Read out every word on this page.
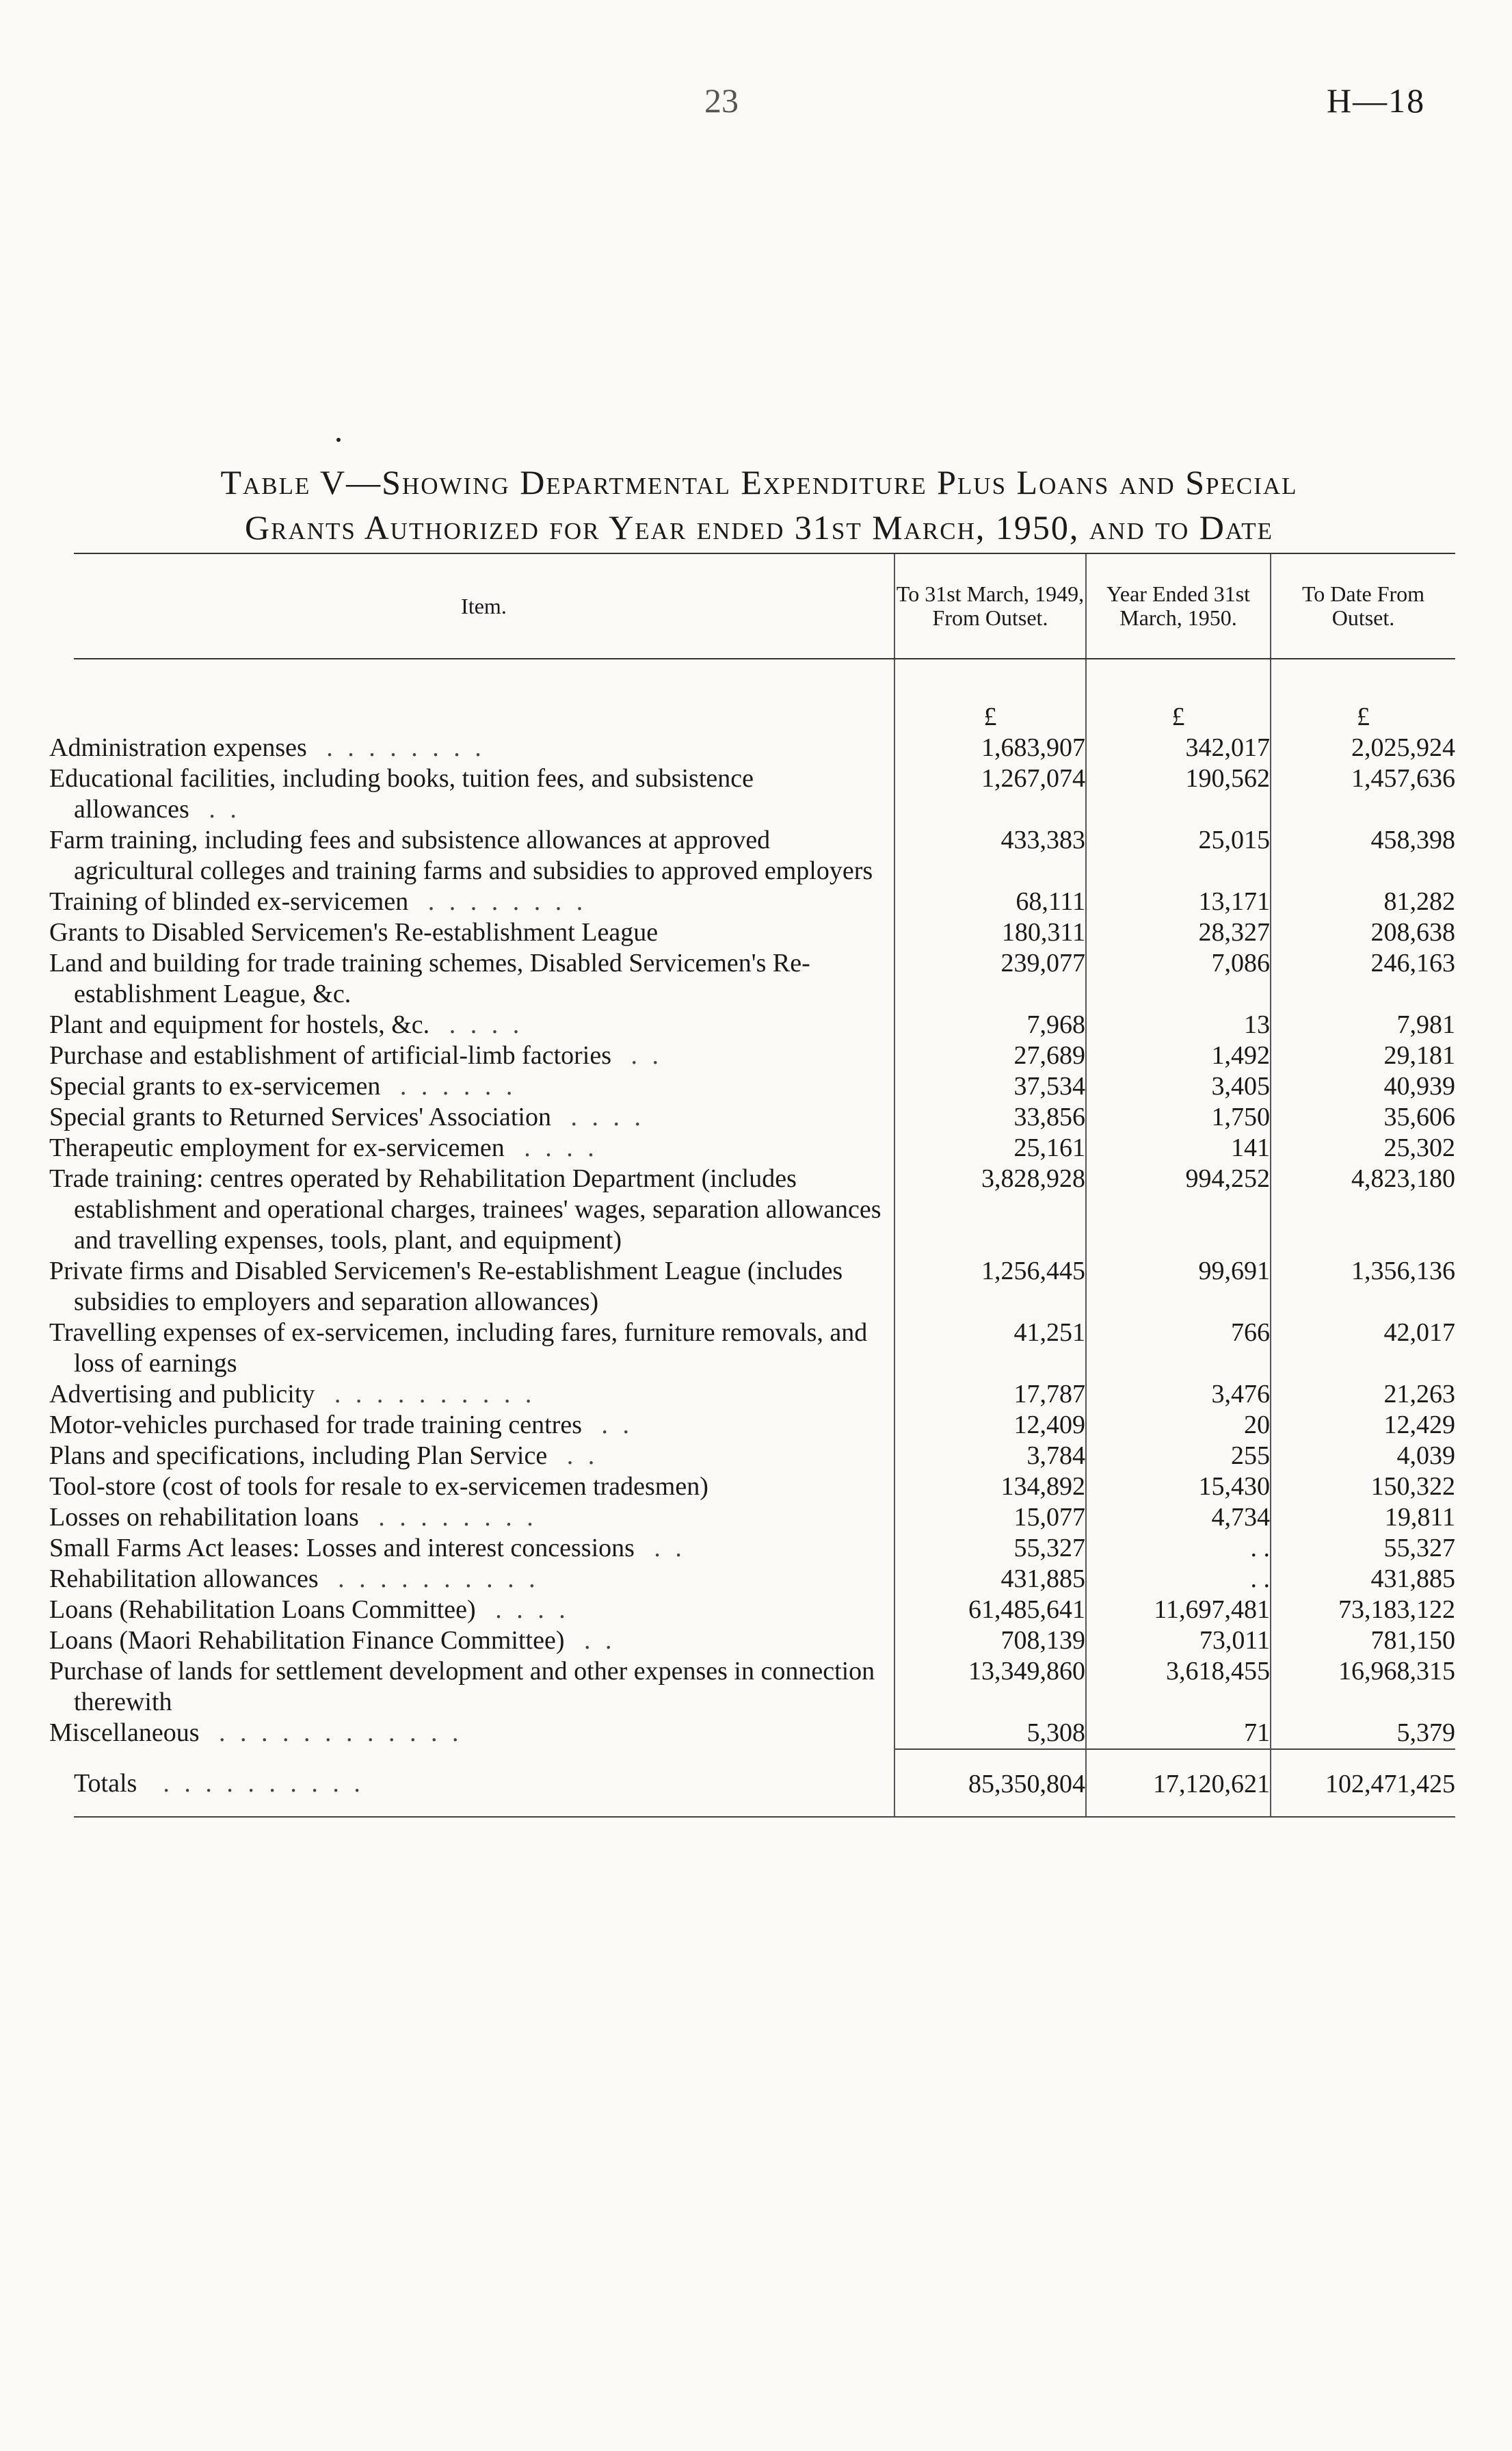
23	H—18
Table V—Showing Departmental Expenditure Plus Loans and Special
Grants Authorized for Year ended 31st March, 1950, and to Date
Item.	To 31st March, 1949, From Outset.	Year Ended 31st March, 1950.	To Date From Outset.
	£	£	£
Administration expenses . . . . . . . .	1,683,907	342,017	2,025,924
Educational facilities, including books, tuition fees, and subsistence allowances . .	1,267,074	190,562	1,457,636
Farm training, including fees and subsistence allowances at approved agricultural colleges and training farms and subsidies to approved employers	433,383	25,015	458,398
Training of blinded ex-servicemen . . . . . . . .	68,111	13,171	81,282
Grants to Disabled Servicemen's Re-establishment League	180,311	28,327	208,638
Land and building for trade training schemes, Disabled Servicemen's Re-establishment League, &c.	239,077	7,086	246,163
Plant and equipment for hostels, &c. . . . .	7,968	13	7,981
Purchase and establishment of artificial-limb factories . .	27,689	1,492	29,181
Special grants to ex-servicemen . . . . . .	37,534	3,405	40,939
Special grants to Returned Services' Association . . . .	33,856	1,750	35,606
Therapeutic employment for ex-servicemen . . . .	25,161	141	25,302
Trade training: centres operated by Rehabilitation Department (includes establishment and operational charges, trainees' wages, separation allowances and travelling expenses, tools, plant, and equipment)	3,828,928	994,252	4,823,180
Private firms and Disabled Servicemen's Re-establishment League (includes subsidies to employers and separation allowances)	1,256,445	99,691	1,356,136
Travelling expenses of ex-servicemen, including fares, furniture removals, and loss of earnings	41,251	766	42,017
Advertising and publicity . . . . . . . . . .	17,787	3,476	21,263
Motor-vehicles purchased for trade training centres . .	12,409	20	12,429
Plans and specifications, including Plan Service . .	3,784	255	4,039
Tool-store (cost of tools for resale to ex-servicemen tradesmen)	134,892	15,430	150,322
Losses on rehabilitation loans . . . . . . . .	15,077	4,734	19,811
Small Farms Act leases: Losses and interest concessions . .	55,327	. .	55,327
Rehabilitation allowances . . . . . . . . . .	431,885	. .	431,885
Loans (Rehabilitation Loans Committee) . . . .	61,485,641	11,697,481	73,183,122
Loans (Maori Rehabilitation Finance Committee) . .	708,139	73,011	781,150
Purchase of lands for settlement development and other expenses in connection therewith	13,349,860	3,618,455	16,968,315
Miscellaneous . . . . . . . . . . . .	5,308	71	5,379
Totals . . . . . . . . . .	85,350,804	17,120,621	102,471,425
